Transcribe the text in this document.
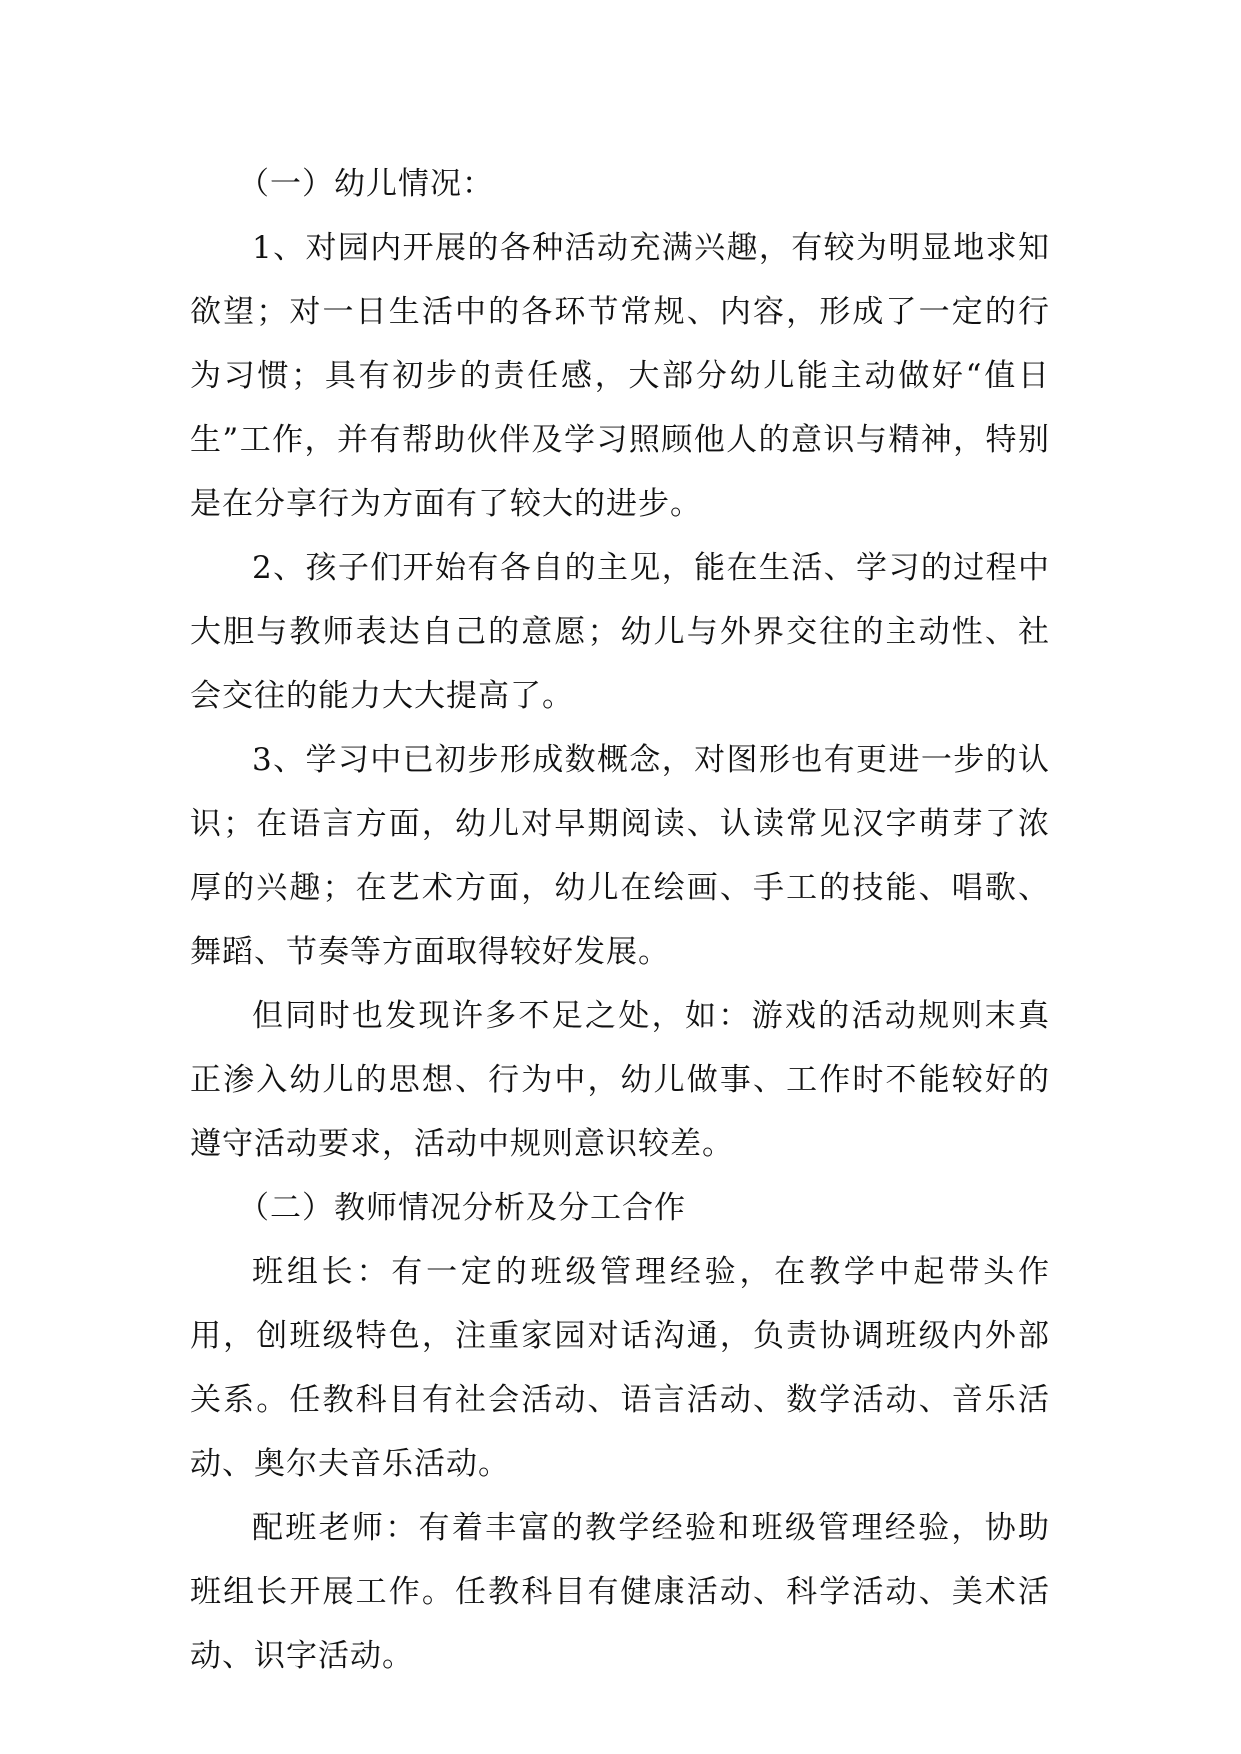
（一）幼儿情况：

1、对园内开展的各种活动充满兴趣，有较为明显地求知欲望；对一日生活中的各环节常规、内容，形成了一定的行为习惯；具有初步的责任感，大部分幼儿能主动做好“值日生”工作，并有帮助伙伴及学习照顾他人的意识与精神，特别是在分享行为方面有了较大的进步。

2、孩子们开始有各自的主见，能在生活、学习的过程中大胆与教师表达自己的意愿；幼儿与外界交往的主动性、社会交往的能力大大提高了。

3、学习中已初步形成数概念，对图形也有更进一步的认识；在语言方面，幼儿对早期阅读、认读常见汉字萌芽了浓厚的兴趣；在艺术方面，幼儿在绘画、手工的技能、唱歌、舞蹈、节奏等方面取得较好发展。

但同时也发现许多不足之处，如：游戏的活动规则末真正渗入幼儿的思想、行为中，幼儿做事、工作时不能较好的遵守活动要求，活动中规则意识较差。

（二）教师情况分析及分工合作

班组长：有一定的班级管理经验，在教学中起带头作用，创班级特色，注重家园对话沟通，负责协调班级内外部关系。任教科目有社会活动、语言活动、数学活动、音乐活动、奥尔夫音乐活动。

配班老师：有着丰富的教学经验和班级管理经验，协助班组长开展工作。任教科目有健康活动、科学活动、美术活动、识字活动。
